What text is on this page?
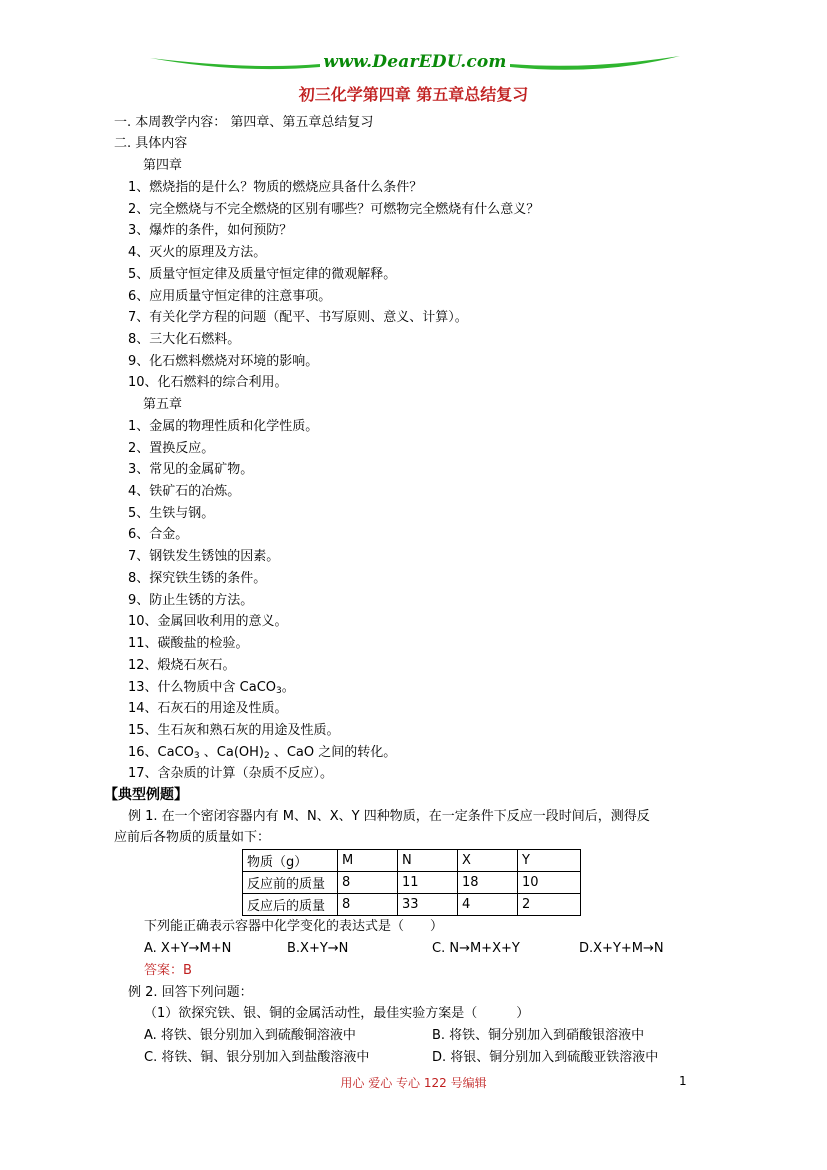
www.DearEDU.com
初三化学第四章 第五章总结复习
一. 本周教学内容： 第四章、第五章总结复习
二. 具体内容
第四章
1、燃烧指的是什么？物质的燃烧应具备什么条件？
2、完全燃烧与不完全燃烧的区别有哪些？可燃物完全燃烧有什么意义？
3、爆炸的条件，如何预防？
4、灭火的原理及方法。
5、质量守恒定律及质量守恒定律的微观解释。
6、应用质量守恒定律的注意事项。
7、有关化学方程的问题（配平、书写原则、意义、计算）。
8、三大化石燃料。
9、化石燃料燃烧对环境的影响。
10、化石燃料的综合利用。
第五章
1、金属的物理性质和化学性质。
2、置换反应。
3、常见的金属矿物。
4、铁矿石的冶炼。
5、生铁与钢。
6、合金。
7、钢铁发生锈蚀的因素。
8、探究铁生锈的条件。
9、防止生锈的方法。
10、金属回收利用的意义。
11、碳酸盐的检验。
12、煅烧石灰石。
13、什么物质中含 CaCO$_3$。
14、石灰石的用途及性质。
15、生石灰和熟石灰的用途及性质。
16、CaCO$_3$ 、$Ca(OH)_2$ 、CaO 之间的转化。
17、含杂质的计算（杂质不反应）。
【典型例题】
例 1. 在一个密闭容器内有 M、N、X、Y 四种物质，在一定条件下反应一段时间后，测得反
应前后各物质的质量如下：
物质（g）	M	N	X	Y
反应前的质量	8	11	18	10
反应后的质量	8	33	4	2
下列能正确表示容器中化学变化的表达式是（　　）
A. X+Y→M+N	B.X+Y→N	C. N→M+X+Y	D.X+Y+M→N
答案：B
例 2. 回答下列问题：
（1）欲探究铁、银、铜的金属活动性，最佳实验方案是（　　　）
A. 将铁、银分别加入到硫酸铜溶液中	B. 将铁、铜分别加入到硝酸银溶液中
C. 将铁、铜、银分别加入到盐酸溶液中	D. 将银、铜分别加入到硫酸亚铁溶液中
用心 爱心 专心 122 号编辑	1
